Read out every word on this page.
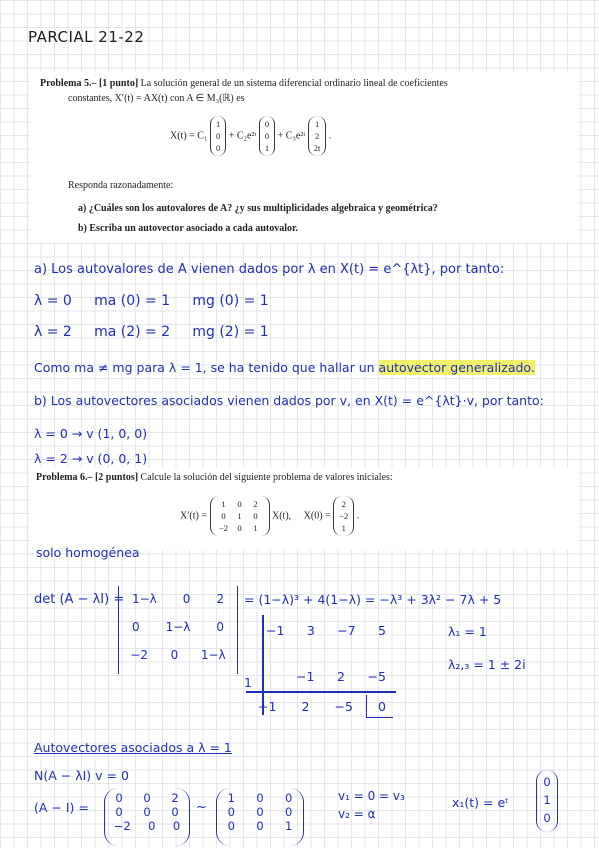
PARCIAL 21-22
Problema 5.– [1 punto] La solución general de un sistema diferencial ordinario lineal de coeficientes
constantes, X′(t) = AX(t) con A ∈ M₃(ℝ) es
X(t) = C₁
1
0
0
+ C₂e²ᵗ
0
0
1
+ C₃e²ᵗ
1
2
2t
.
Responda razonadamente:
a) ¿Cuáles son los autovalores de A? ¿y sus multiplicidades algebraica y geométrica?
b) Escriba un autovector asociado a cada autovalor.
a) Los autovalores de A vienen dados por λ en X(t) = e^{λt}, por tanto:
λ = 0     ma (0) = 1     mg (0) = 1
λ = 2     ma (2) = 2     mg (2) = 1
Como ma ≠ mg para λ = 1, se ha tenido que hallar un autovector generalizado.
b) Los autovectores asociados vienen dados por v, en X(t) = e^{λt}·v, por tanto:
λ = 0 → v (1, 0, 0)
λ = 2 → v (0, 0, 1)
Problema 6.– [2 puntos] Calcule la solución del siguiente problema de valores iniciales:
X′(t) =
1 0 2
0 1 0
−2 0 1
X(t),     X(0) =
2
−2
1
.
solo homogénea
det (A − λI) = 1−λ 0 2
0 1−λ 0
−2 0 1−λ
= (1−λ)³ + 4(1−λ) = −λ³ + 3λ² − 7λ + 5
−1 3 −7 5
1	−1 2 −5
−1 2 −5 0
λ₁ = 1
λ₂,₃ = 1 ± 2i
Autovectores asociados a λ = 1
N(A − λI) v = 0
(A − I) =
0 0 2
0 0 0
−2 0 0
~
1 0 0
0 0 0
0 0 1
v₁ = 0 = v₃
v₂ = α
x₁(t) = eᵗ
0
1
0
